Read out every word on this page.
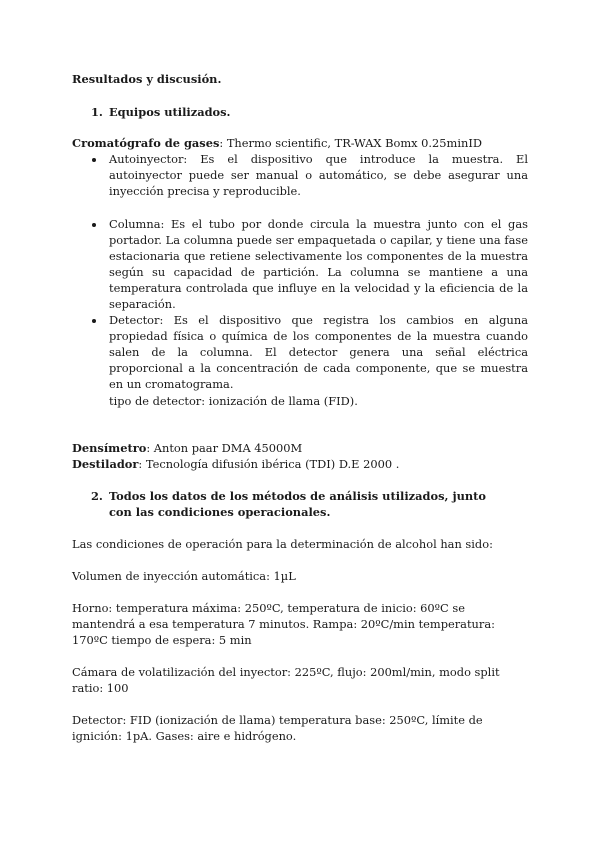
Resultados y discusión.

1. Equipos utilizados.

Cromatógrafo de gases: Thermo scientific, TR-WAX Bomx 0.25minID

Autoinyector: Es el dispositivo que introduce la muestra. El autoinyector puede ser manual o automático, se debe asegurar una inyección precisa y reproducible.

Columna: Es el tubo por donde circula la muestra junto con el gas portador. La columna puede ser empaquetada o capilar, y tiene una fase estacionaria que retiene selectivamente los componentes de la muestra según su capacidad de partición. La columna se mantiene a una temperatura controlada que influye en la velocidad y la eficiencia de la separación.

Detector: Es el dispositivo que registra los cambios en alguna propiedad física o química de los componentes de la muestra cuando salen de la columna. El detector genera una señal eléctrica proporcional a la concentración de cada componente, que se muestra en un cromatograma.

tipo de detector: ionización de llama (FID).

Densímetro: Anton paar DMA 45000M

Destilador: Tecnología difusión ibérica (TDI) D.E 2000 .

2. Todos los datos de los métodos de análisis utilizados, junto con las condiciones operacionales.

Las condiciones de operación para la determinación de alcohol han sido:

Volumen de inyección automática: 1µL

Horno: temperatura máxima: 250ºC, temperatura de inicio: 60ºC se mantendrá a esa temperatura 7 minutos. Rampa: 20ºC/min temperatura: 170ºC tiempo de espera: 5 min

Cámara de volatilización del inyector: 225ºC, flujo: 200ml/min, modo split ratio: 100

Detector: FID (ionización de llama) temperatura base: 250ºC, límite de ignición: 1pA. Gases: aire e hidrógeno.
